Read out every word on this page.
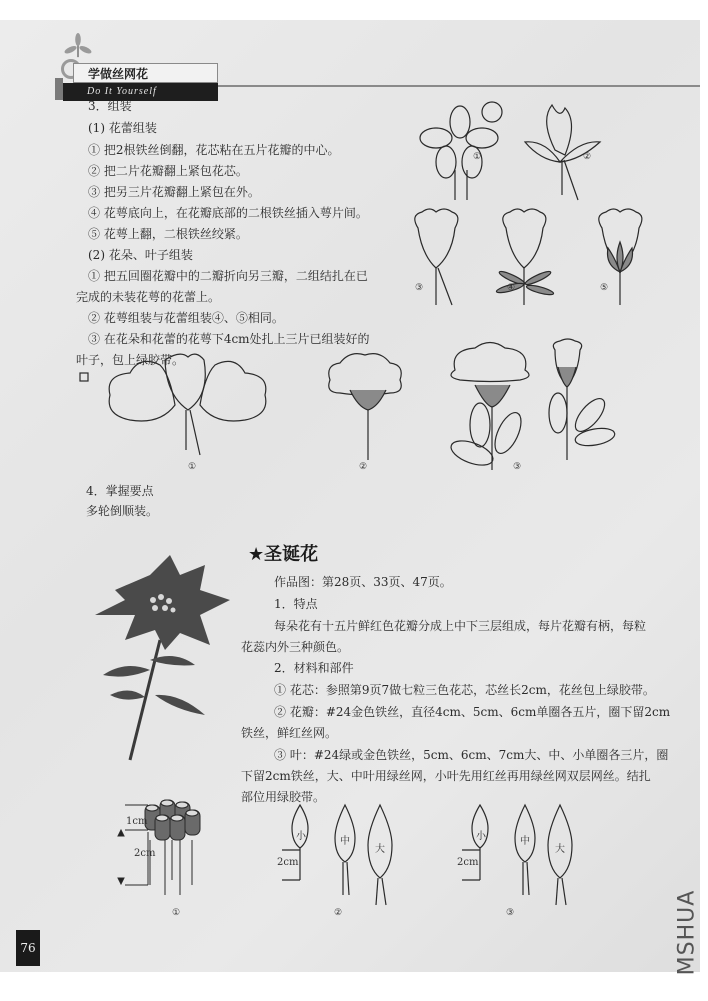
学做丝网花
Do It Yourself

3．组装
(1) 花蕾组装
① 把2根铁丝倒翻，花芯粘在五片花瓣的中心。
② 把二片花瓣翻上紧包花芯。
③ 把另三片花瓣翻上紧包在外。
④ 花萼底向上，在花瓣底部的二根铁丝插入萼片间。
⑤ 花萼上翻，二根铁丝绞紧。
(2) 花朵、叶子组装
① 把五回圈花瓣中的二瓣折向另三瓣，二组结扎在已
完成的未装花萼的花蕾上。
② 花萼组装与花蕾组装④、⑤相同。
③ 在花朵和花蕾的花萼下4cm处扎上三片已组装好的
叶子，包上绿胶带。
①	②
③	④	⑤
①	②	③
4．掌握要点
多轮倒顺装。
★圣诞花
作品图：第28页、33页、47页。
1．特点
每朵花有十五片鲜红色花瓣分成上中下三层组成，每片花瓣有柄，每粒
花蕊内外三种颜色。
2．材料和部件
① 花芯：参照第9页7做七粒三色花芯，芯丝长2cm，花丝包上绿胶带。
② 花瓣：#24金色铁丝，直径4cm、5cm、6cm单圈各五片，圈下留2cm
铁丝，鲜红丝网。
③ 叶：#24绿或金色铁丝，5cm、6cm、7cm大、中、小单圈各三片，圈
下留2cm铁丝，大、中叶用绿丝网，小叶先用红丝再用绿丝网双层网丝。结扎
部位用绿胶带。
1cm
2cm
小	中
大
2cm
小	中
大
2cm
①	②	③
76	MSHUA
